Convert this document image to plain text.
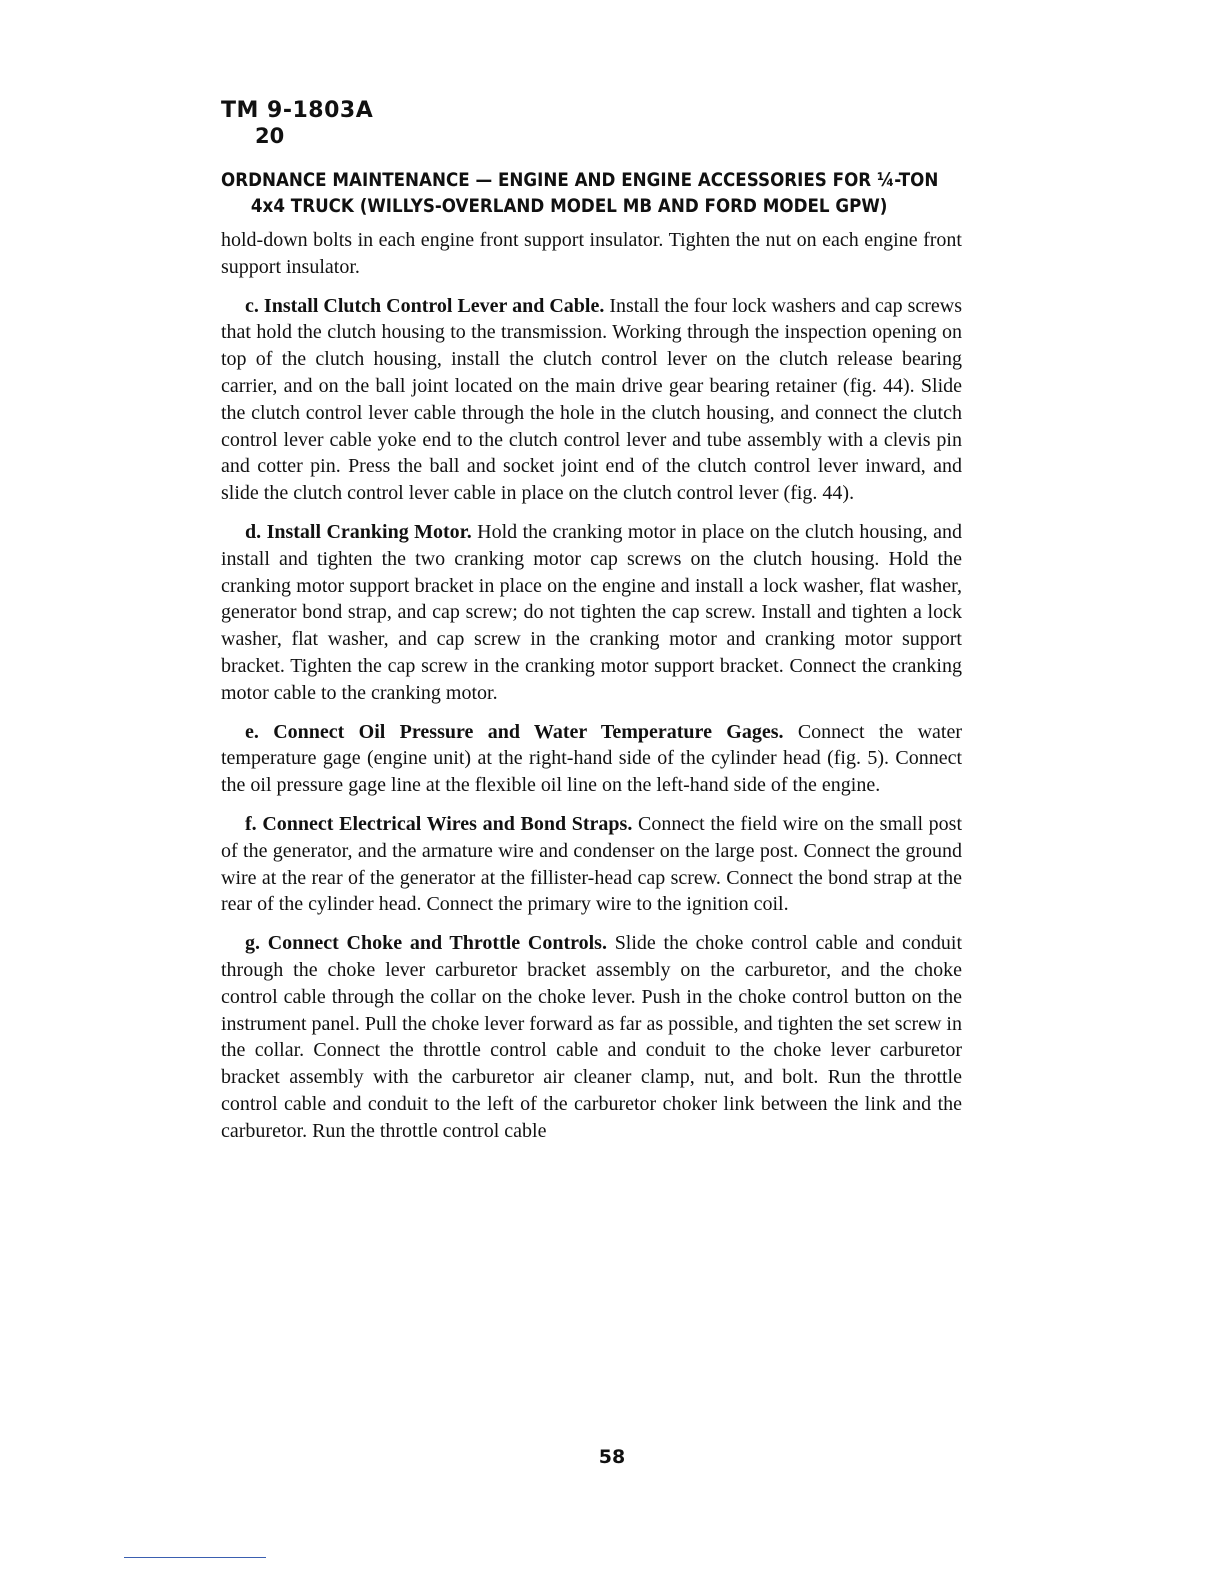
TM 9-1803A
20
ORDNANCE MAINTENANCE — ENGINE AND ENGINE ACCESSORIES FOR ¼-TON
4x4 TRUCK (WILLYS-OVERLAND MODEL MB AND FORD MODEL GPW)

hold-down bolts in each engine front support insulator. Tighten the nut on each engine front support insulator.

c. Install Clutch Control Lever and Cable. Install the four lock washers and cap screws that hold the clutch housing to the transmission. Working through the inspection opening on top of the clutch housing, install the clutch control lever on the clutch release bearing carrier, and on the ball joint located on the main drive gear bearing retainer (fig. 44). Slide the clutch control lever cable through the hole in the clutch housing, and connect the clutch control lever cable yoke end to the clutch control lever and tube assembly with a clevis pin and cotter pin. Press the ball and socket joint end of the clutch control lever inward, and slide the clutch control lever cable in place on the clutch control lever (fig. 44).

d. Install Cranking Motor. Hold the cranking motor in place on the clutch housing, and install and tighten the two cranking motor cap screws on the clutch housing. Hold the cranking motor support bracket in place on the engine and install a lock washer, flat washer, generator bond strap, and cap screw; do not tighten the cap screw. Install and tighten a lock washer, flat washer, and cap screw in the cranking motor and cranking motor support bracket. Tighten the cap screw in the cranking motor support bracket. Connect the cranking motor cable to the cranking motor.

e. Connect Oil Pressure and Water Temperature Gages. Connect the water temperature gage (engine unit) at the right-hand side of the cylinder head (fig. 5). Connect the oil pressure gage line at the flexible oil line on the left-hand side of the engine.

f. Connect Electrical Wires and Bond Straps. Connect the field wire on the small post of the generator, and the armature wire and condenser on the large post. Connect the ground wire at the rear of the generator at the fillister-head cap screw. Connect the bond strap at the rear of the cylinder head. Connect the primary wire to the ignition coil.

g. Connect Choke and Throttle Controls. Slide the choke control cable and conduit through the choke lever carburetor bracket assembly on the carburetor, and the choke control cable through the collar on the choke lever. Push in the choke control button on the instrument panel. Pull the choke lever forward as far as possible, and tighten the set screw in the collar. Connect the throttle control cable and conduit to the choke lever carburetor bracket assembly with the carburetor air cleaner clamp, nut, and bolt. Run the throttle control cable and conduit to the left of the carburetor choker link between the link and the carburetor. Run the throttle control cable

58
